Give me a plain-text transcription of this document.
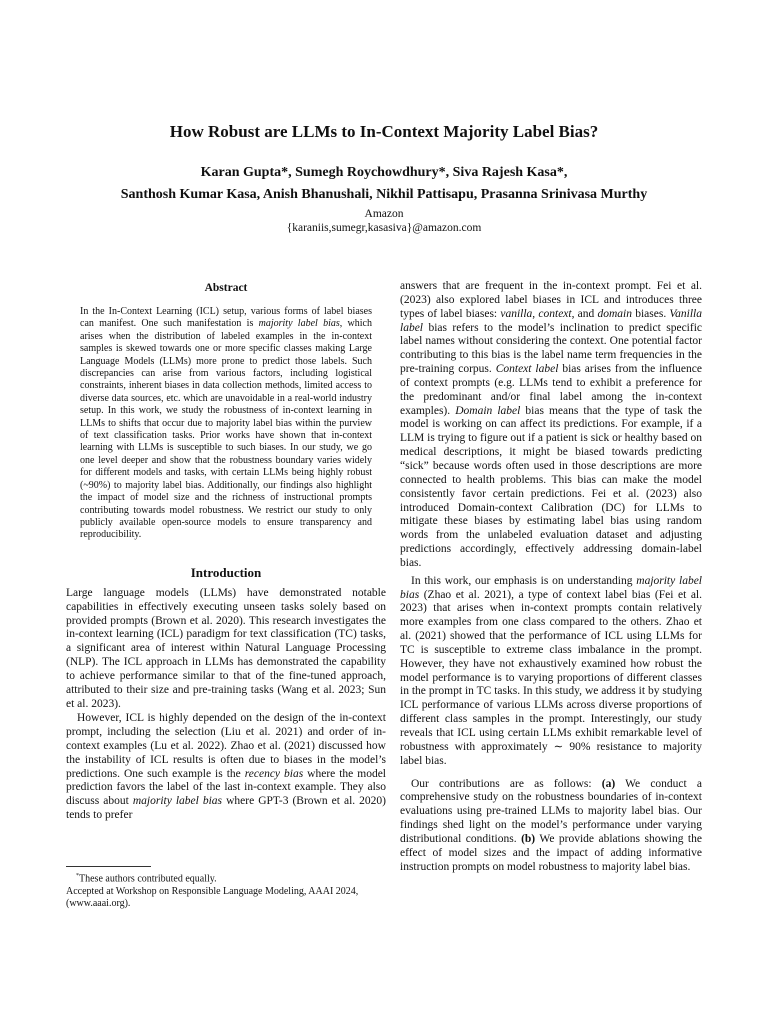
How Robust are LLMs to In-Context Majority Label Bias?
Karan Gupta*, Sumegh Roychowdhury*, Siva Rajesh Kasa*,
Santhosh Kumar Kasa, Anish Bhanushali, Nikhil Pattisapu, Prasanna Srinivasa Murthy
Amazon
{karaniis,sumegr,kasasiva}@amazon.com
Abstract

In the In-Context Learning (ICL) setup, various forms of label biases can manifest. One such manifestation is majority label bias, which arises when the distribution of labeled examples in the in-context samples is skewed towards one or more specific classes making Large Language Models (LLMs) more prone to predict those labels. Such discrepancies can arise from various factors, including logistical constraints, inherent biases in data collection methods, limited access to diverse data sources, etc. which are unavoidable in a real-world industry setup. In this work, we study the robustness of in-context learning in LLMs to shifts that occur due to majority label bias within the purview of text classification tasks. Prior works have shown that in-context learning with LLMs is susceptible to such biases. In our study, we go one level deeper and show that the robustness boundary varies widely for different models and tasks, with certain LLMs being highly robust (~90%) to majority label bias. Additionally, our findings also highlight the impact of model size and the richness of instructional prompts contributing towards model robustness. We restrict our study to only publicly available open-source models to ensure transparency and reproducibility.

Introduction

Large language models (LLMs) have demonstrated notable capabilities in effectively executing unseen tasks solely based on provided prompts (Brown et al. 2020). This research investigates the in-context learning (ICL) paradigm for text classification (TC) tasks, a significant area of interest within Natural Language Processing (NLP). The ICL approach in LLMs has demonstrated the capability to achieve performance similar to that of the fine-tuned approach, attributed to their size and pre-training tasks (Wang et al. 2023; Sun et al. 2023).

However, ICL is highly depended on the design of the in-context prompt, including the selection (Liu et al. 2021) and order of in-context examples (Lu et al. 2022). Zhao et al. (2021) discussed how the instability of ICL results is often due to biases in the model’s predictions. One such example is the recency bias where the model prediction favors the label of the last in-context example. They also discuss about majority label bias where GPT-3 (Brown et al. 2020) tends to prefer

answers that are frequent in the in-context prompt. Fei et al. (2023) also explored label biases in ICL and introduces three types of label biases: vanilla, context, and domain biases. Vanilla label bias refers to the model’s inclination to predict specific label names without considering the context. One potential factor contributing to this bias is the label name term frequencies in the pre-training corpus. Context label bias arises from the influence of context prompts (e.g. LLMs tend to exhibit a preference for the predominant and/or final label among the in-context examples). Domain label bias means that the type of task the model is working on can affect its predictions. For example, if a LLM is trying to figure out if a patient is sick or healthy based on medical descriptions, it might be biased towards predicting “sick” because words often used in those descriptions are more connected to health problems. This bias can make the model consistently favor certain predictions. Fei et al. (2023) also introduced Domain-context Calibration (DC) for LLMs to mitigate these biases by estimating label bias using random words from the unlabeled evaluation dataset and adjusting predictions accordingly, effectively addressing domain-label bias.

In this work, our emphasis is on understanding majority label bias (Zhao et al. 2021), a type of context label bias (Fei et al. 2023) that arises when in-context prompts contain relatively more examples from one class compared to the others. Zhao et al. (2021) showed that the performance of ICL using LLMs for TC is susceptible to extreme class imbalance in the prompt. However, they have not exhaustively examined how robust the model performance is to varying proportions of different classes in the prompt in TC tasks. In this study, we address it by studying ICL performance of various LLMs across diverse proportions of different class samples in the prompt. Interestingly, our study reveals that ICL using certain LLMs exhibit remarkable level of robustness with approximately ∼ 90% resistance to majority label bias.

Our contributions are as follows: (a) We conduct a comprehensive study on the robustness boundaries of in-context evaluations using pre-trained LLMs to majority label bias. Our findings shed light on the model’s performance under varying distributional conditions. (b) We provide ablations showing the effect of model sizes and the impact of adding informative instruction prompts on model robustness to majority label bias.

*These authors contributed equally.

Accepted at Workshop on Responsible Language Modeling, AAAI 2024, (www.aaai.org).
